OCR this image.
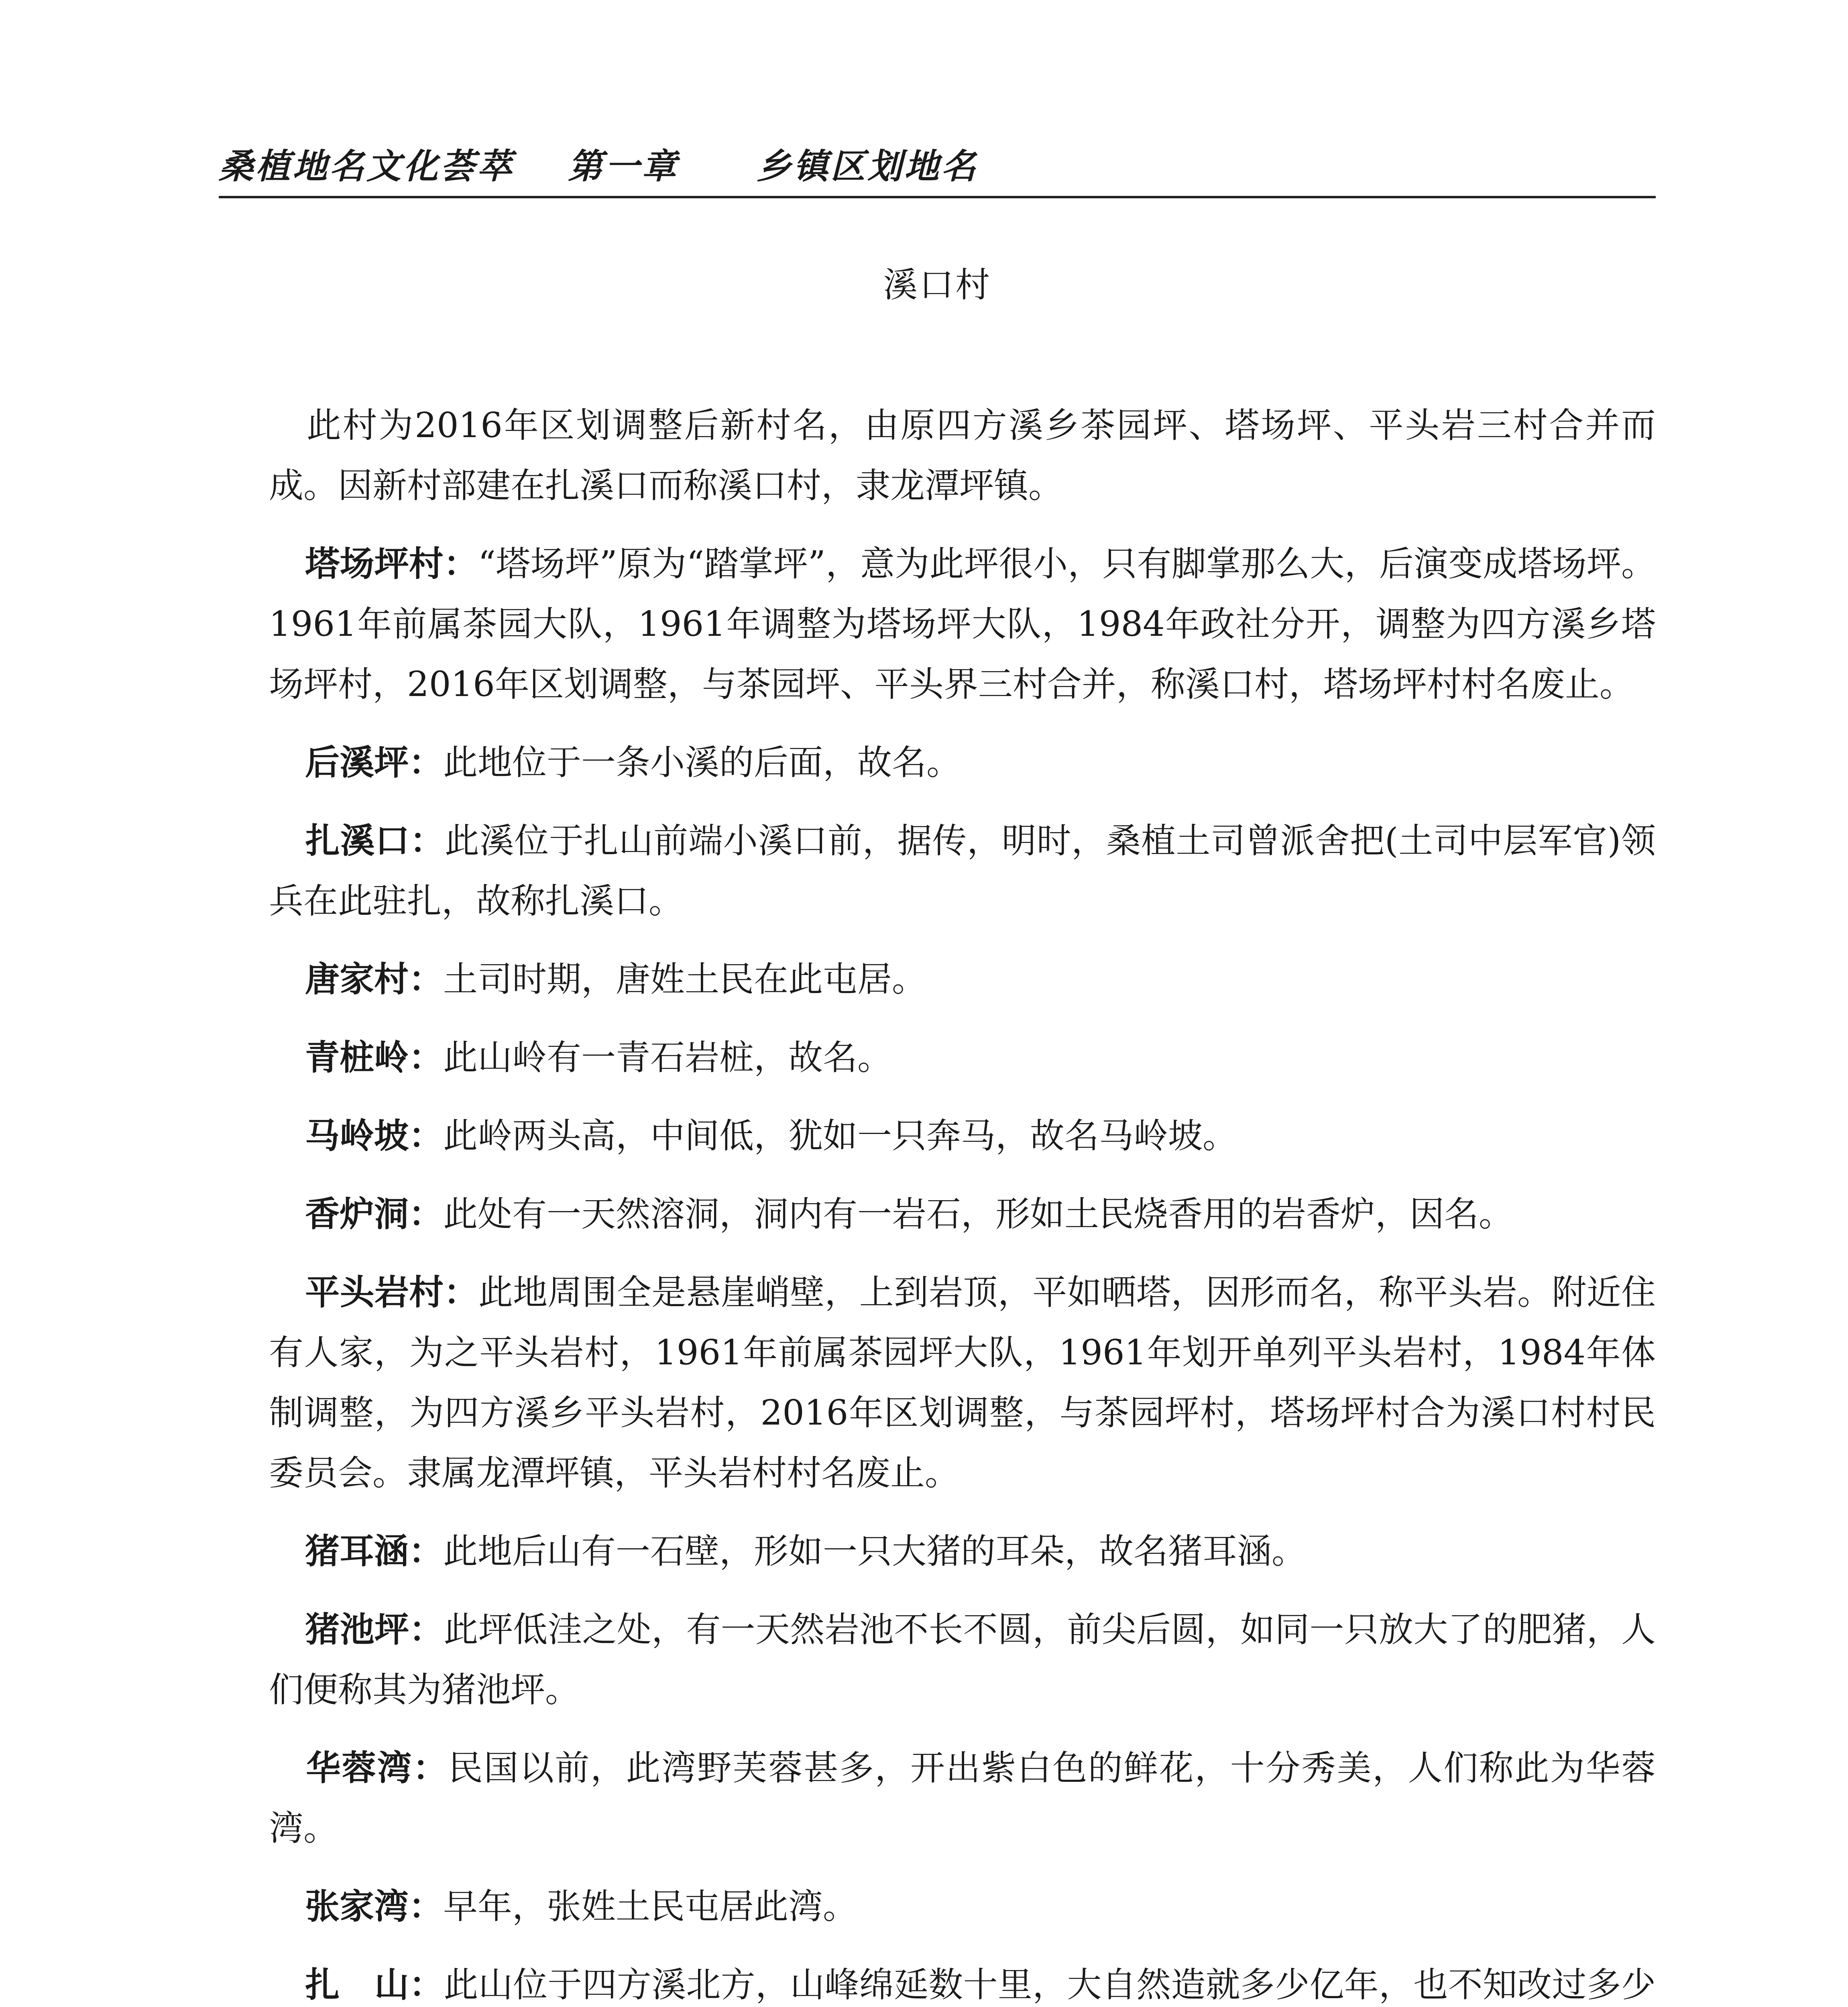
桑植地名文化荟萃 第一章 乡镇区划地名
溪口村

此村为2016年区划调整后新村名，由原四方溪乡茶园坪、塔场坪、平头岩三村合并而成。因新村部建在扎溪口而称溪口村，隶龙潭坪镇。

塔场坪村：“塔场坪”原为“踏掌坪”，意为此坪很小，只有脚掌那么大，后演变成塔场坪。1961年前属茶园大队，1961年调整为塔场坪大队，1984年政社分开，调整为四方溪乡塔场坪村，2016年区划调整，与茶园坪、平头界三村合并，称溪口村，塔场坪村村名废止。

后溪坪：此地位于一条小溪的后面，故名。

扎溪口：此溪位于扎山前端小溪口前，据传，明时，桑植土司曾派舍把(土司中层军官)领兵在此驻扎，故称扎溪口。

唐家村：土司时期，唐姓土民在此屯居。

青桩岭：此山岭有一青石岩桩，故名。

马岭坡：此岭两头高，中间低，犹如一只奔马，故名马岭坡。

香炉洞：此处有一天然溶洞，洞内有一岩石，形如土民烧香用的岩香炉，因名。

平头岩村：此地周围全是悬崖峭壁，上到岩顶，平如晒塔，因形而名，称平头岩。附近住有人家，为之平头岩村，1961年前属茶园坪大队，1961年划开单列平头岩村，1984年体制调整，为四方溪乡平头岩村，2016年区划调整，与茶园坪村，塔场坪村合为溪口村村民委员会。隶属龙潭坪镇，平头岩村村名废止。

猪耳涵：此地后山有一石壁，形如一只大猪的耳朵，故名猪耳涵。

猪池坪：此坪低洼之处，有一天然岩池不长不圆，前尖后圆，如同一只放大了的肥猪，人们便称其为猪池坪。

华蓉湾：民国以前，此湾野芙蓉甚多，开出紫白色的鲜花，十分秀美，人们称此为华蓉湾。

张家湾：早年，张姓土民屯居此湾。

扎　山：此山位于四方溪北方，山峰绵延数十里，大自然造就多少亿年，也不知改过多少
